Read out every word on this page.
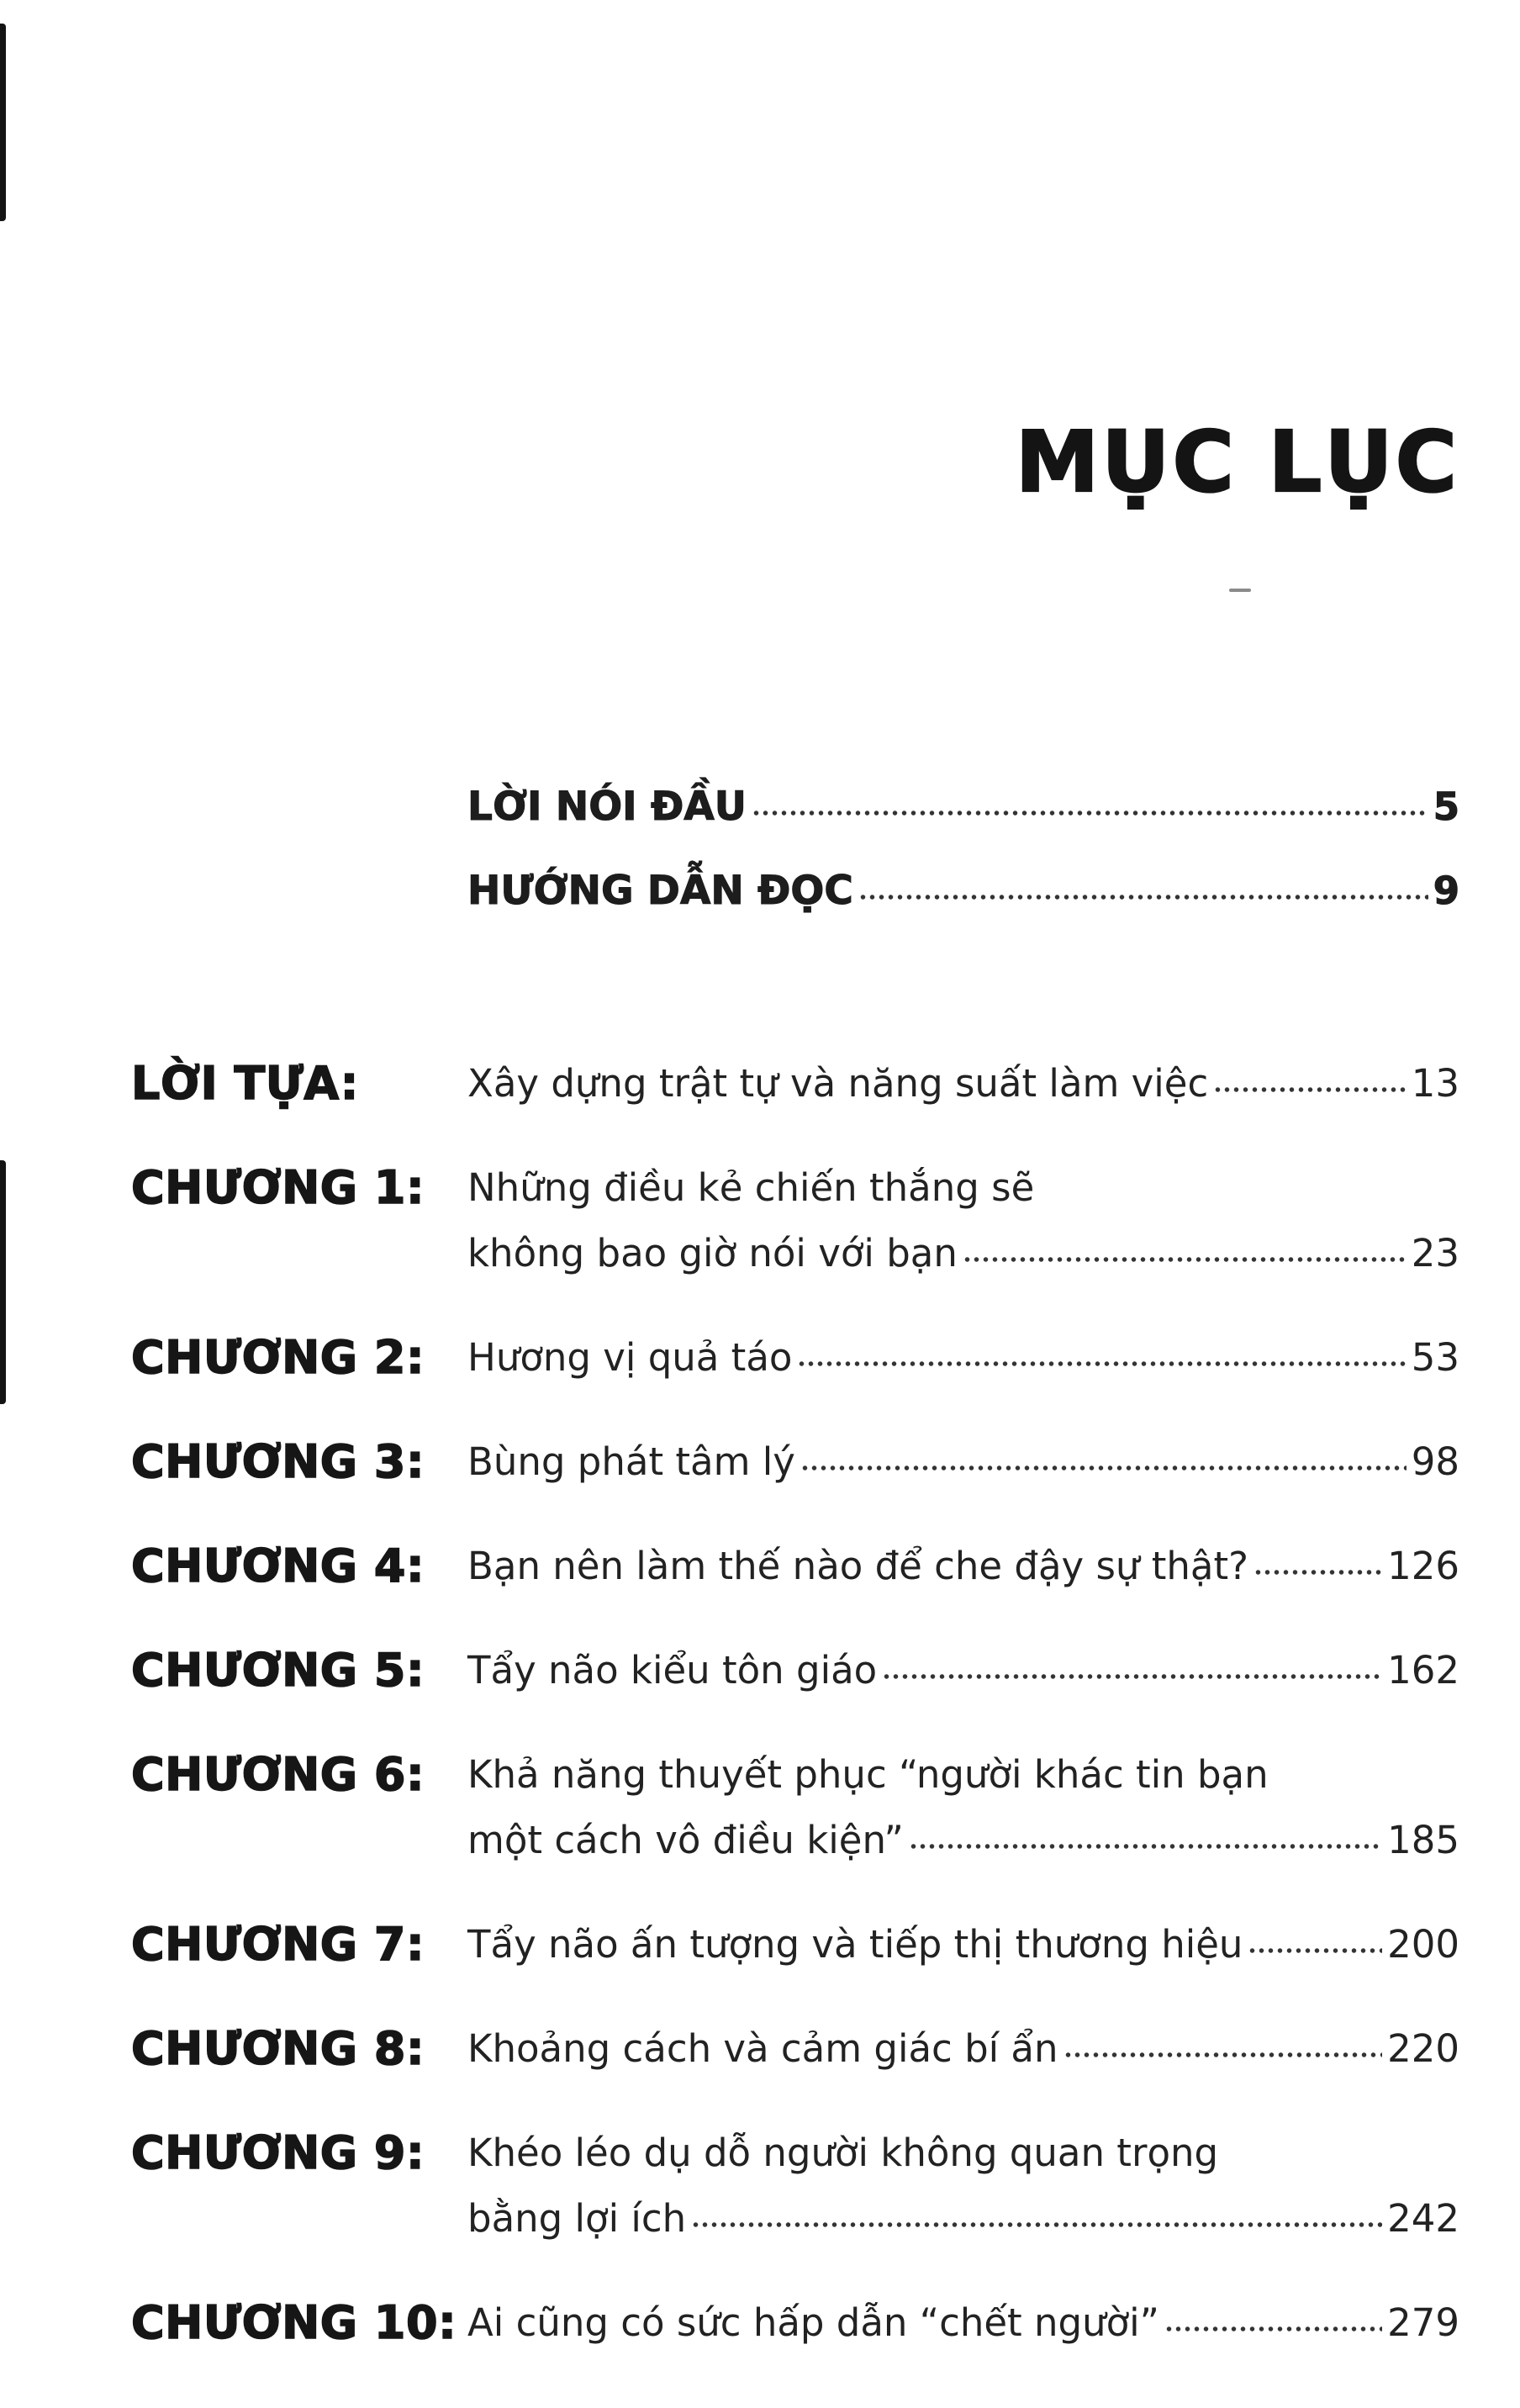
MỤC LỤC
LỜI NÓI ĐẦU	5
HƯỚNG DẪN ĐỌC	9
LỜI TỰA:	Xây dựng trật tự và năng suất làm việc	13
CHƯƠNG 1:	Những điều kẻ chiến thắng sẽ
không bao giờ nói với bạn	23
CHƯƠNG 2:	Hương vị quả táo	53
CHƯƠNG 3:	Bùng phát tâm lý	98
CHƯƠNG 4:	Bạn nên làm thế nào để che đậy sự thật?	126
CHƯƠNG 5:	Tẩy não kiểu tôn giáo	162
CHƯƠNG 6:	Khả năng thuyết phục “người khác tin bạn
một cách vô điều kiện”	185
CHƯƠNG 7:	Tẩy não ấn tượng và tiếp thị thương hiệu	200
CHƯƠNG 8:	Khoảng cách và cảm giác bí ẩn	220
CHƯƠNG 9:	Khéo léo dụ dỗ người không quan trọng
bằng lợi ích	242
CHƯƠNG 10: Ai cũng có sức hấp dẫn “chết người”	279
